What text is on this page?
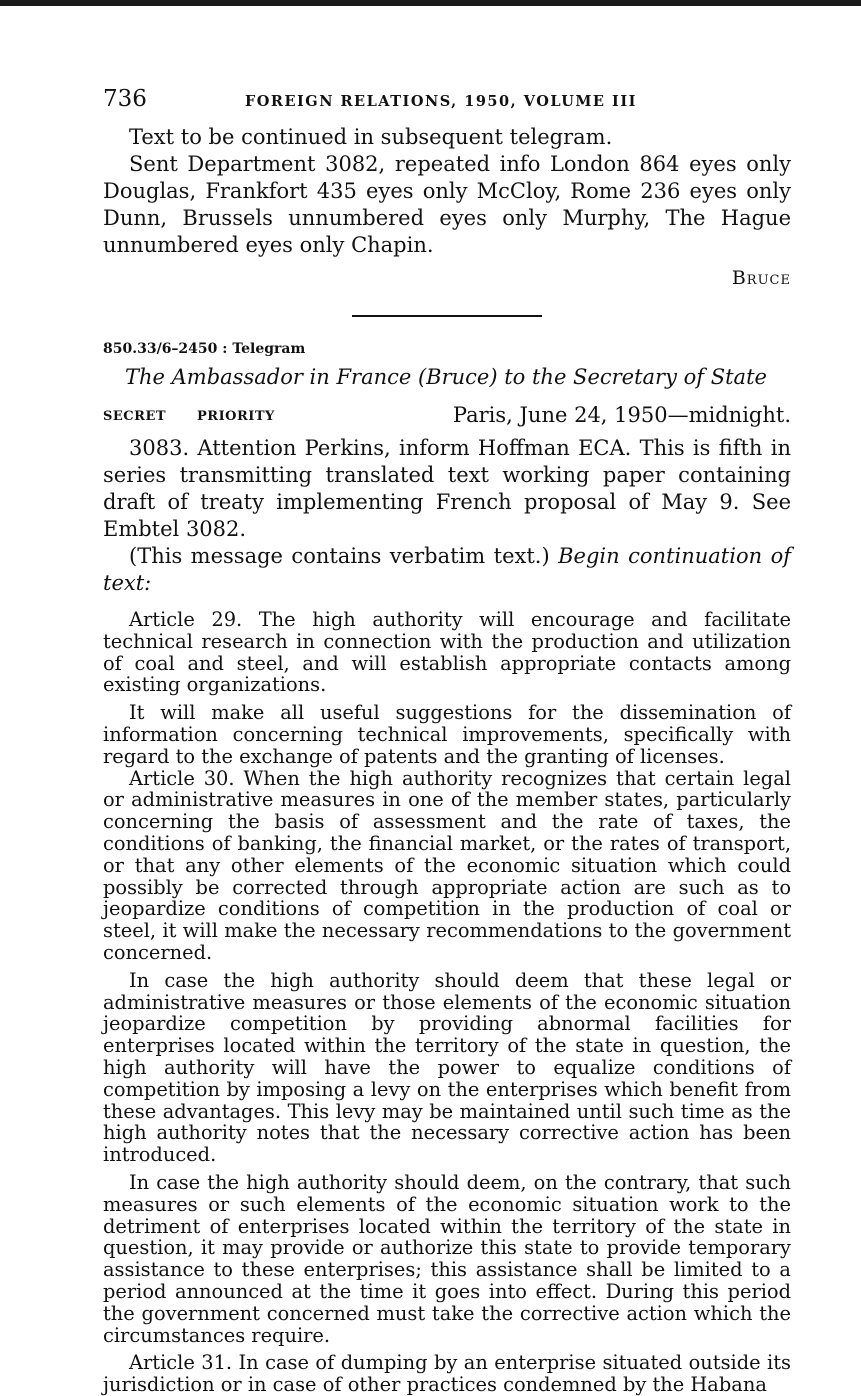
736	FOREIGN RELATIONS, 1950, VOLUME III

Text to be continued in subsequent telegram.

Sent Department 3082, repeated info London 864 eyes only Douglas, Frankfort 435 eyes only McCloy, Rome 236 eyes only Dunn, Brussels unnumbered eyes only Murphy, The Hague unnumbered eyes only Chapin.

Bruce
850.33/6–2450 : Telegram
The Ambassador in France (Bruce) to the Secretary of State
SECRET PRIORITY	Paris, June 24, 1950—midnight.

3083. Attention Perkins, inform Hoffman ECA. This is fifth in series transmitting translated text working paper containing draft of treaty implementing French proposal of May 9. See Embtel 3082.

(This message contains verbatim text.) Begin continuation of text:

Article 29. The high authority will encourage and facilitate technical research in connection with the production and utilization of coal and steel, and will establish appropriate contacts among existing organizations.

It will make all useful suggestions for the dissemination of information concerning technical improvements, specifically with regard to the exchange of patents and the granting of licenses.

Article 30. When the high authority recognizes that certain legal or administrative measures in one of the member states, particularly concerning the basis of assessment and the rate of taxes, the conditions of banking, the financial market, or the rates of transport, or that any other elements of the economic situation which could possibly be corrected through appropriate action are such as to jeopardize conditions of competition in the production of coal or steel, it will make the necessary recommendations to the government concerned.

In case the high authority should deem that these legal or administrative measures or those elements of the economic situation jeopardize competition by providing abnormal facilities for enterprises located within the territory of the state in question, the high authority will have the power to equalize conditions of competition by imposing a levy on the enterprises which benefit from these advantages. This levy may be maintained until such time as the high authority notes that the necessary corrective action has been introduced.

In case the high authority should deem, on the contrary, that such measures or such elements of the economic situation work to the detriment of enterprises located within the territory of the state in question, it may provide or authorize this state to provide temporary assistance to these enterprises; this assistance shall be limited to a period announced at the time it goes into effect. During this period the government concerned must take the corrective action which the circumstances require.

Article 31. In case of dumping by an enterprise situated outside its jurisdiction or in case of other practices condemned by the Habana
